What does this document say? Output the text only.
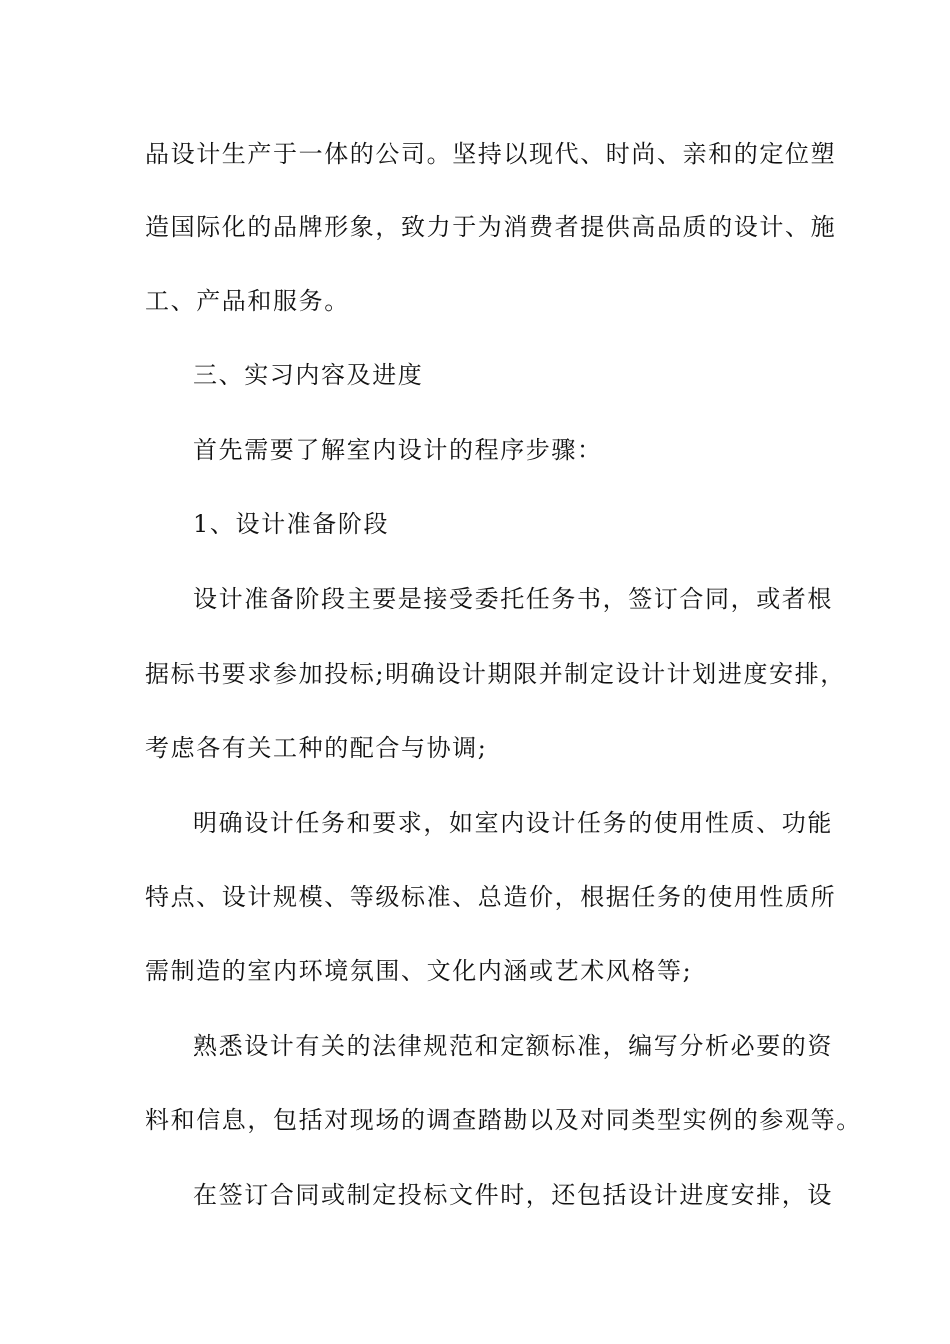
品设计生产于一体的公司。坚持以现代、时尚、亲和的定位塑
造国际化的品牌形象，致力于为消费者提供高品质的设计、施
工、产品和服务。
三、实习内容及进度
首先需要了解室内设计的程序步骤：
1、设计准备阶段
设计准备阶段主要是接受委托任务书，签订合同，或者根
据标书要求参加投标;明确设计期限并制定设计计划进度安排，
考虑各有关工种的配合与协调;
明确设计任务和要求，如室内设计任务的使用性质、功能
特点、设计规模、等级标准、总造价，根据任务的使用性质所
需制造的室内环境氛围、文化内涵或艺术风格等;
熟悉设计有关的法律规范和定额标准，编写分析必要的资
料和信息，包括对现场的调查踏勘以及对同类型实例的参观等。
在签订合同或制定投标文件时，还包括设计进度安排，设
